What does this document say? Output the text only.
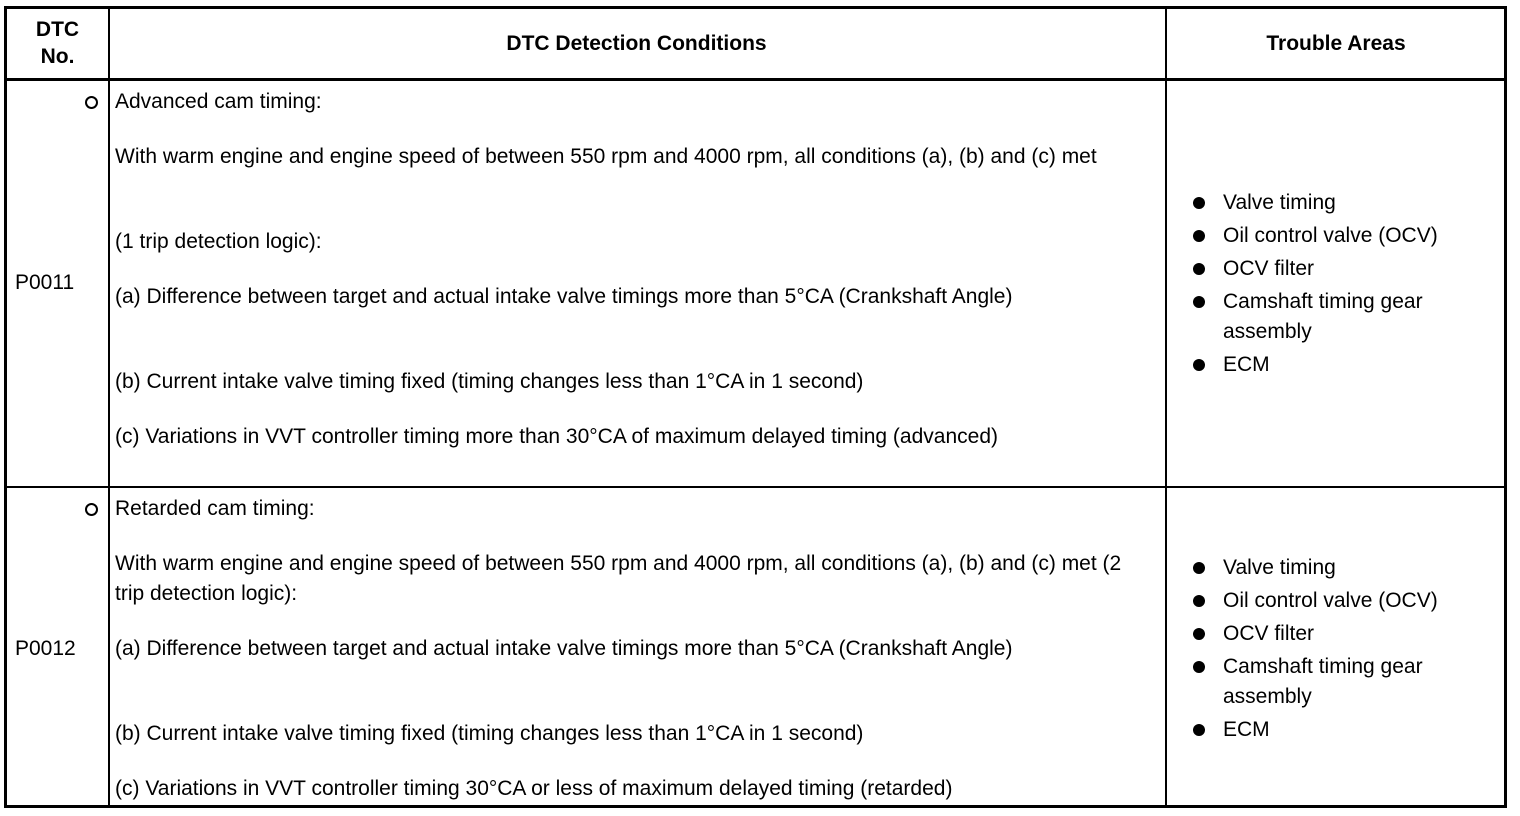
DTC
No.
DTC Detection Conditions	Trouble Areas
P0011

Advanced cam timing:

With warm engine and engine speed of between 550 rpm and 4000 rpm, all conditions (a), (b) and (c) met

(1 trip detection logic):

(a) Difference between target and actual intake valve timings more than 5°CA (Crankshaft Angle)

(b) Current intake valve timing fixed (timing changes less than 1°CA in 1 second)

(c) Variations in VVT controller timing more than 30°CA of maximum delayed timing (advanced)

Valve timing
Oil control valve (OCV)
OCV filter
Camshaft timing gear assembly
ECM
P0012

Retarded cam timing:

With warm engine and engine speed of between 550 rpm and 4000 rpm, all conditions (a), (b) and (c) met (2 trip detection logic):

(a) Difference between target and actual intake valve timings more than 5°CA (Crankshaft Angle)

(b) Current intake valve timing fixed (timing changes less than 1°CA in 1 second)

(c) Variations in VVT controller timing 30°CA or less of maximum delayed timing (retarded)

Valve timing
Oil control valve (OCV)
OCV filter
Camshaft timing gear assembly
ECM
